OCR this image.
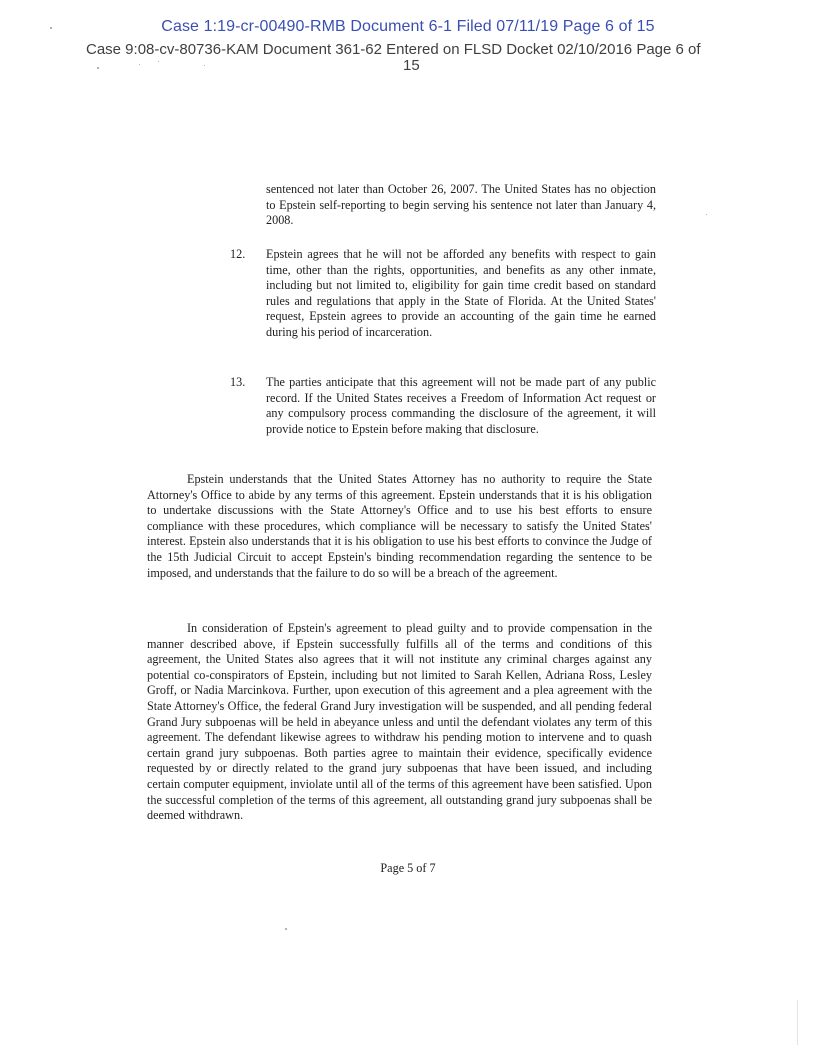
Case 1:19-cr-00490-RMB Document 6-1 Filed 07/11/19 Page 6 of 15
Case 9:08-cv-80736-KAM Document 361-62 Entered on FLSD Docket 02/10/2016 Page 6 of
15
sentenced not later than October 26, 2007. The United States has no objection to Epstein self-reporting to begin serving his sentence not later than January 4, 2008.
12. Epstein agrees that he will not be afforded any benefits with respect to gain time, other than the rights, opportunities, and benefits as any other inmate, including but not limited to, eligibility for gain time credit based on standard rules and regulations that apply in the State of Florida. At the United States' request, Epstein agrees to provide an accounting of the gain time he earned during his period of incarceration.
13. The parties anticipate that this agreement will not be made part of any public record. If the United States receives a Freedom of Information Act request or any compulsory process commanding the disclosure of the agreement, it will provide notice to Epstein before making that disclosure.
Epstein understands that the United States Attorney has no authority to require the State Attorney's Office to abide by any terms of this agreement. Epstein understands that it is his obligation to undertake discussions with the State Attorney's Office and to use his best efforts to ensure compliance with these procedures, which compliance will be necessary to satisfy the United States' interest. Epstein also understands that it is his obligation to use his best efforts to convince the Judge of the 15th Judicial Circuit to accept Epstein's binding recommendation regarding the sentence to be imposed, and understands that the failure to do so will be a breach of the agreement.
In consideration of Epstein's agreement to plead guilty and to provide compensation in the manner described above, if Epstein successfully fulfills all of the terms and conditions of this agreement, the United States also agrees that it will not institute any criminal charges against any potential co-conspirators of Epstein, including but not limited to Sarah Kellen, Adriana Ross, Lesley Groff, or Nadia Marcinkova. Further, upon execution of this agreement and a plea agreement with the State Attorney's Office, the federal Grand Jury investigation will be suspended, and all pending federal Grand Jury subpoenas will be held in abeyance unless and until the defendant violates any term of this agreement. The defendant likewise agrees to withdraw his pending motion to intervene and to quash certain grand jury subpoenas. Both parties agree to maintain their evidence, specifically evidence requested by or directly related to the grand jury subpoenas that have been issued, and including certain computer equipment, inviolate until all of the terms of this agreement have been satisfied. Upon the successful completion of the terms of this agreement, all outstanding grand jury subpoenas shall be deemed withdrawn.
Page 5 of 7
